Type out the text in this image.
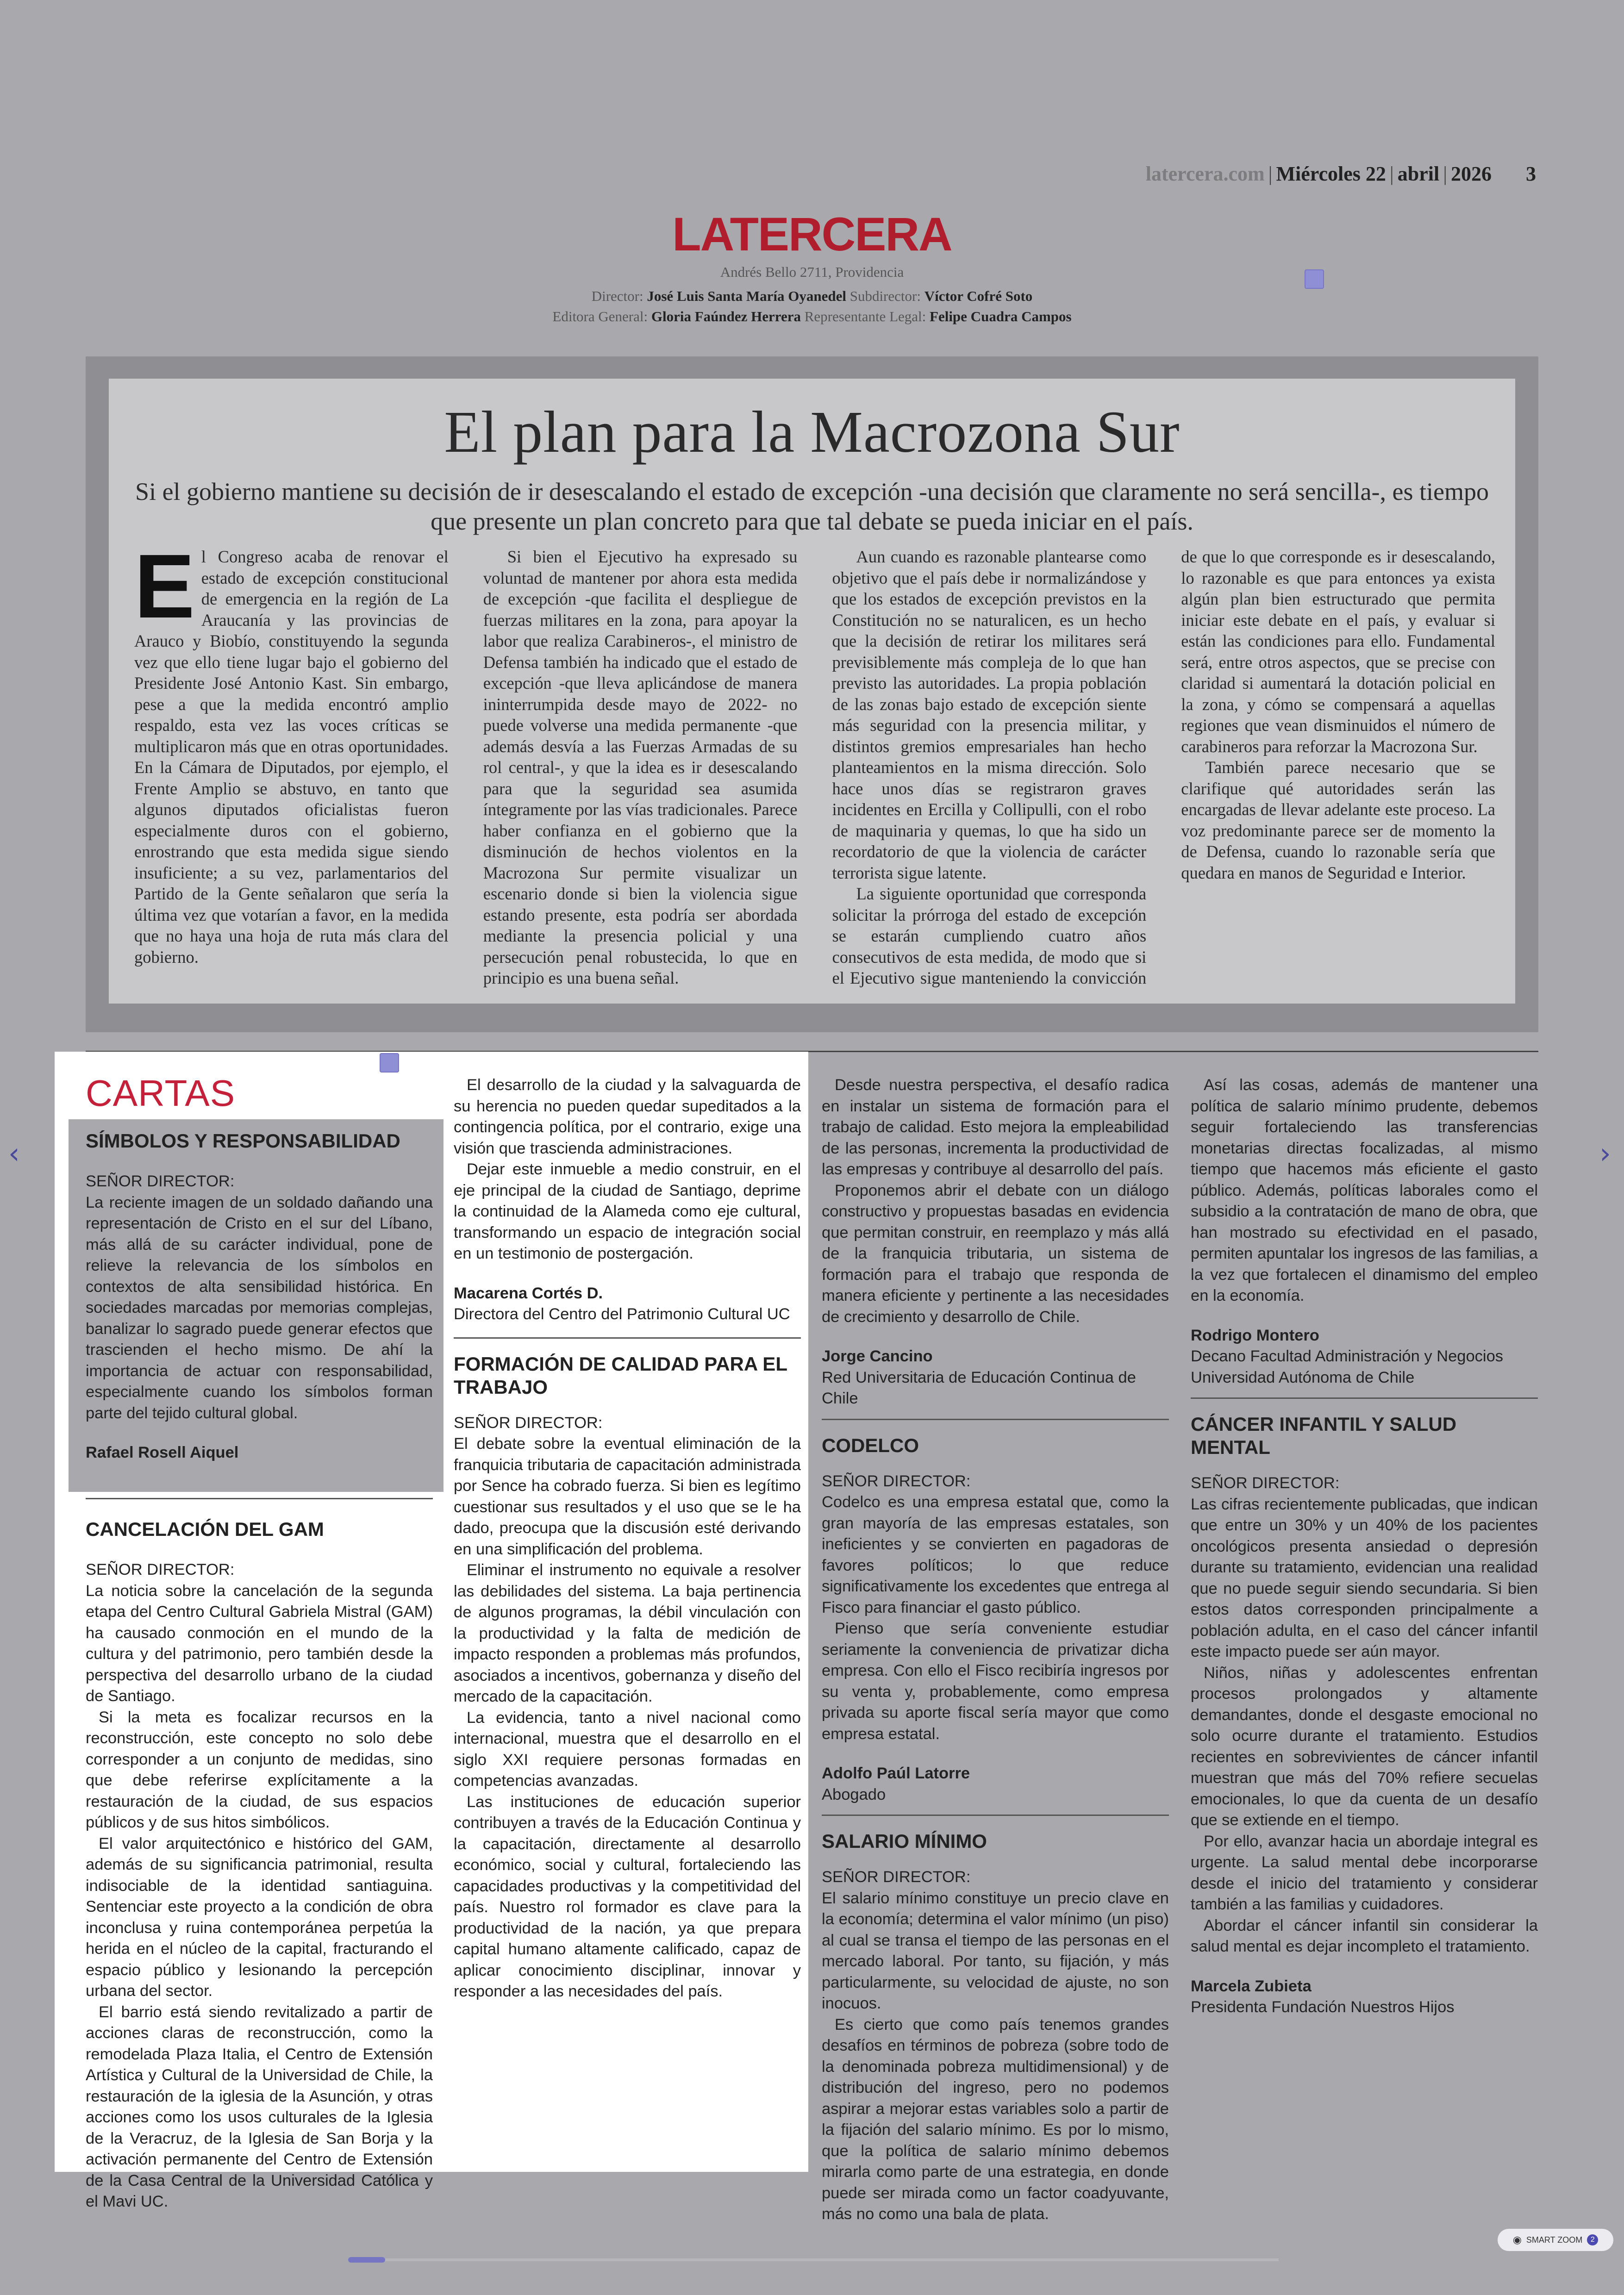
latercera.com | Miércoles 22 | abril | 2026 3
LATERCERA
Andrés Bello 2711, Providencia
Director: José Luis Santa María Oyanedel Subdirector: Víctor Cofré Soto
Editora General: Gloria Faúndez Herrera Representante Legal: Felipe Cuadra Campos
El plan para la Macrozona Sur
Si el gobierno mantiene su decisión de ir desescalando el estado de excepción -una decisión que claramente no será sencilla-, es tiempo que presente un plan concreto para que tal debate se pueda iniciar en el país.

El Congreso acaba de renovar el estado de excepción constitucional de emergencia en la región de La Araucanía y las provincias de Arauco y Biobío, constituyendo la segunda vez que ello tiene lugar bajo el gobierno del Presidente José Antonio Kast. Sin embargo, pese a que la medida encontró amplio respaldo, esta vez las voces críticas se multiplicaron más que en otras oportunidades. En la Cámara de Diputados, por ejemplo, el Frente Amplio se abstuvo, en tanto que algunos diputados oficialistas fueron especialmente duros con el gobierno, enrostrando que esta medida sigue siendo insuficiente; a su vez, parlamentarios del Partido de la Gente señalaron que sería la última vez que votarían a favor, en la medida que no haya una hoja de ruta más clara del gobierno.

Si bien el Ejecutivo ha expresado su voluntad de mantener por ahora esta medida de excepción -que facilita el despliegue de fuerzas militares en la zona, para apoyar la labor que realiza Carabineros-, el ministro de Defensa también ha indicado que el estado de excepción -que lleva aplicándose de manera ininterrumpida desde mayo de 2022- no puede volverse una medida permanente -que además desvía a las Fuerzas Armadas de su rol central-, y que la idea es ir desescalando para que la seguridad sea asumida íntegramente por las vías tradicionales. Parece haber confianza en el gobierno que la disminución de hechos violentos en la Macrozona Sur permite visualizar un escenario donde si bien la violencia sigue estando presente, esta podría ser abordada mediante la presencia policial y una persecución penal robustecida, lo que en principio es una buena señal.

Aun cuando es razonable plantearse como objetivo que el país debe ir normalizándose y que los estados de excepción previstos en la Constitución no se naturalicen, es un hecho que la decisión de retirar los militares será previsiblemente más compleja de lo que han previsto las autoridades. La propia población de las zonas bajo estado de excepción siente más seguridad con la presencia militar, y distintos gremios empresariales han hecho planteamientos en la misma dirección. Solo hace unos días se registraron graves incidentes en Ercilla y Collipulli, con el robo de maquinaria y quemas, lo que ha sido un recordatorio de que la violencia de carácter terrorista sigue latente.

La siguiente oportunidad que corresponda solicitar la prórroga del estado de excepción se estarán cumpliendo cuatro años consecutivos de esta medida, de modo que si el Ejecutivo sigue manteniendo la convicción de que lo que corresponde es ir desescalando, lo razonable es que para entonces ya exista algún plan bien estructurado que permita iniciar este debate en el país, y evaluar si están las condiciones para ello. Fundamental será, entre otros aspectos, que se precise con claridad si aumentará la dotación policial en la zona, y cómo se compensará a aquellas regiones que vean disminuidos el número de carabineros para reforzar la Macrozona Sur.

También parece necesario que se clarifique qué autoridades serán las encargadas de llevar adelante este proceso. La voz predominante parece ser de momento la de Defensa, cuando lo razonable sería que quedara en manos de Seguridad e Interior.

CARTAS
SÍMBOLOS Y RESPONSABILIDAD

SEÑOR DIRECTOR:

La reciente imagen de un soldado dañando una representación de Cristo en el sur del Líbano, más allá de su carácter individual, pone de relieve la relevancia de los símbolos en contextos de alta sensibilidad histórica. En sociedades marcadas por memorias complejas, banalizar lo sagrado puede generar efectos que trascienden el hecho mismo. De ahí la importancia de actuar con responsabilidad, especialmente cuando los símbolos forman parte del tejido cultural global.

Rafael Rosell Aiquel

CANCELACIÓN DEL GAM

SEÑOR DIRECTOR:

La noticia sobre la cancelación de la segunda etapa del Centro Cultural Gabriela Mistral (GAM) ha causado conmoción en el mundo de la cultura y del patrimonio, pero también desde la perspectiva del desarrollo urbano de la ciudad de Santiago.

Si la meta es focalizar recursos en la reconstrucción, este concepto no solo debe corresponder a un conjunto de medidas, sino que debe referirse explícitamente a la restauración de la ciudad, de sus espacios públicos y de sus hitos simbólicos.

El valor arquitectónico e histórico del GAM, además de su significancia patrimonial, resulta indisociable de la identidad santiaguina. Sentenciar este proyecto a la condición de obra inconclusa y ruina contemporánea perpetúa la herida en el núcleo de la capital, fracturando el espacio público y lesionando la percepción urbana del sector.

El barrio está siendo revitalizado a partir de acciones claras de reconstrucción, como la remodelada Plaza Italia, el Centro de Extensión Artística y Cultural de la Universidad de Chile, la restauración de la iglesia de la Asunción, y otras acciones como los usos culturales de la Iglesia de la Veracruz, de la Iglesia de San Borja y la activación permanente del Centro de Extensión de la Casa Central de la Universidad Católica y el Mavi UC.

El desarrollo de la ciudad y la salvaguarda de su herencia no pueden quedar supeditados a la contingencia política, por el contrario, exige una visión que trascienda administraciones.

Dejar este inmueble a medio construir, en el eje principal de la ciudad de Santiago, deprime la continuidad de la Alameda como eje cultural, transformando un espacio de integración social en un testimonio de postergación.

Macarena Cortés D.

Directora del Centro del Patrimonio Cultural UC

FORMACIÓN DE CALIDAD PARA EL TRABAJO

SEÑOR DIRECTOR:

El debate sobre la eventual eliminación de la franquicia tributaria de capacitación administrada por Sence ha cobrado fuerza. Si bien es legítimo cuestionar sus resultados y el uso que se le ha dado, preocupa que la discusión esté derivando en una simplificación del problema.

Eliminar el instrumento no equivale a resolver las debilidades del sistema. La baja pertinencia de algunos programas, la débil vinculación con la productividad y la falta de medición de impacto responden a problemas más profundos, asociados a incentivos, gobernanza y diseño del mercado de la capacitación.

La evidencia, tanto a nivel nacional como internacional, muestra que el desarrollo en el siglo XXI requiere personas formadas en competencias avanzadas.

Las instituciones de educación superior contribuyen a través de la Educación Continua y la capacitación, directamente al desarrollo económico, social y cultural, fortaleciendo las capacidades productivas y la competitividad del país. Nuestro rol formador es clave para la productividad de la nación, ya que prepara capital humano altamente calificado, capaz de aplicar conocimiento disciplinar, innovar y responder a las necesidades del país.

Desde nuestra perspectiva, el desafío radica en instalar un sistema de formación para el trabajo de calidad. Esto mejora la empleabilidad de las personas, incrementa la productividad de las empresas y contribuye al desarrollo del país.

Proponemos abrir el debate con un diálogo constructivo y propuestas basadas en evidencia que permitan construir, en reemplazo y más allá de la franquicia tributaria, un sistema de formación para el trabajo que responda de manera eficiente y pertinente a las necesidades de crecimiento y desarrollo de Chile.

Jorge Cancino

Red Universitaria de Educación Continua de Chile

CODELCO

SEÑOR DIRECTOR:

Codelco es una empresa estatal que, como la gran mayoría de las empresas estatales, son ineficientes y se convierten en pagadoras de favores políticos; lo que reduce significativamente los excedentes que entrega al Fisco para financiar el gasto público.

Pienso que sería conveniente estudiar seriamente la conveniencia de privatizar dicha empresa. Con ello el Fisco recibiría ingresos por su venta y, probablemente, como empresa privada su aporte fiscal sería mayor que como empresa estatal.

Adolfo Paúl Latorre

Abogado

SALARIO MÍNIMO

SEÑOR DIRECTOR:

El salario mínimo constituye un precio clave en la economía; determina el valor mínimo (un piso) al cual se transa el tiempo de las personas en el mercado laboral. Por tanto, su fijación, y más particularmente, su velocidad de ajuste, no son inocuos.

Es cierto que como país tenemos grandes desafíos en términos de pobreza (sobre todo de la denominada pobreza multidimensional) y de distribución del ingreso, pero no podemos aspirar a mejorar estas variables solo a partir de la fijación del salario mínimo. Es por lo mismo, que la política de salario mínimo debemos mirarla como parte de una estrategia, en donde puede ser mirada como un factor coadyuvante, más no como una bala de plata.

Así las cosas, además de mantener una política de salario mínimo prudente, debemos seguir fortaleciendo las transferencias monetarias directas focalizadas, al mismo tiempo que hacemos más eficiente el gasto público. Además, políticas laborales como el subsidio a la contratación de mano de obra, que han mostrado su efectividad en el pasado, permiten apuntalar los ingresos de las familias, a la vez que fortalecen el dinamismo del empleo en la economía.

Rodrigo Montero

Decano Facultad Administración y Negocios Universidad Autónoma de Chile

CÁNCER INFANTIL Y SALUD MENTAL

SEÑOR DIRECTOR:

Las cifras recientemente publicadas, que indican que entre un 30% y un 40% de los pacientes oncológicos presenta ansiedad o depresión durante su tratamiento, evidencian una realidad que no puede seguir siendo secundaria. Si bien estos datos corresponden principalmente a población adulta, en el caso del cáncer infantil este impacto puede ser aún mayor.

Niños, niñas y adolescentes enfrentan procesos prolongados y altamente demandantes, donde el desgaste emocional no solo ocurre durante el tratamiento. Estudios recientes en sobrevivientes de cáncer infantil muestran que más del 70% refiere secuelas emocionales, lo que da cuenta de un desafío que se extiende en el tiempo.

Por ello, avanzar hacia un abordaje integral es urgente. La salud mental debe incorporarse desde el inicio del tratamiento y considerar también a las familias y cuidadores.

Abordar el cáncer infantil sin considerar la salud mental es dejar incompleto el tratamiento.

Marcela Zubieta

Presidenta Fundación Nuestros Hijos

‹	›
◉ SMART ZOOM	2
